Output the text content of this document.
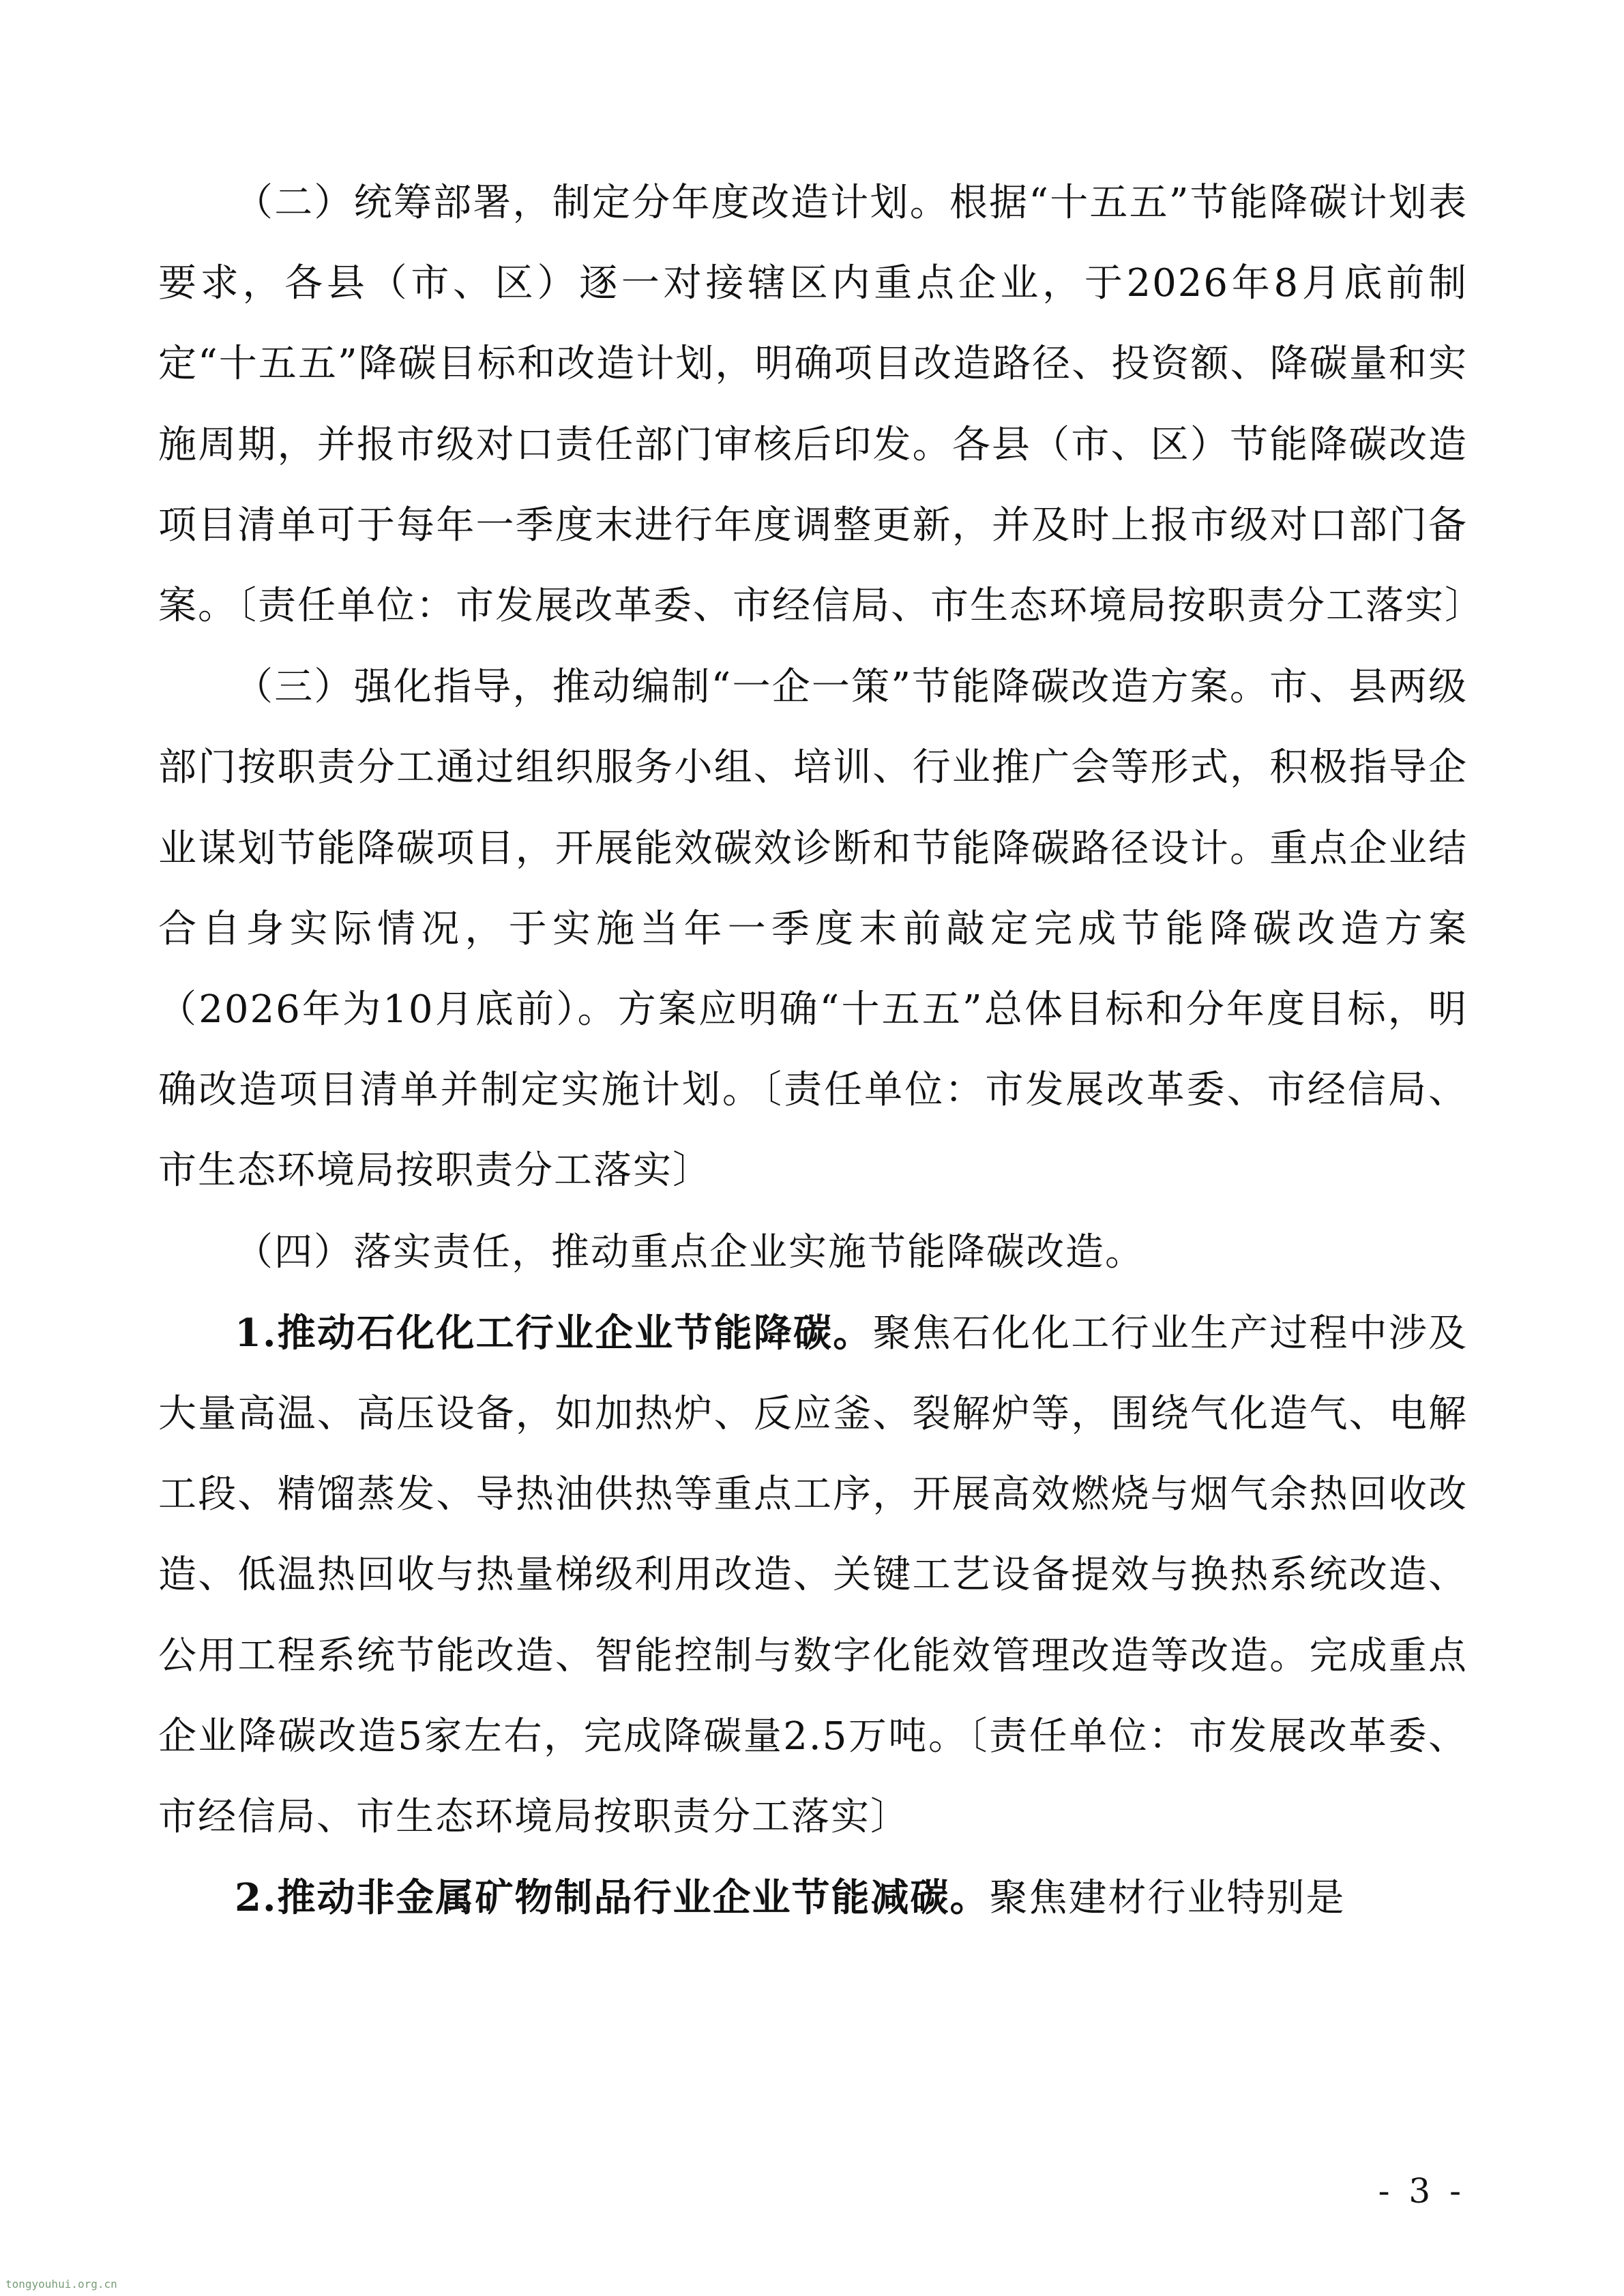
（二）统筹部署，制定分年度改造计划。根据“十五五”节能降碳计划表要求，各县（市、区）逐一对接辖区内重点企业，于2026年8月底前制定“十五五”降碳目标和改造计划，明确项目改造路径、投资额、降碳量和实施周期，并报市级对口责任部门审核后印发。各县（市、区）节能降碳改造项目清单可于每年一季度末进行年度调整更新，并及时上报市级对口部门备案。〔责任单位：市发展改革委、市经信局、市生态环境局按职责分工落实〕

（三）强化指导，推动编制“一企一策”节能降碳改造方案。市、县两级部门按职责分工通过组织服务小组、培训、行业推广会等形式，积极指导企业谋划节能降碳项目，开展能效碳效诊断和节能降碳路径设计。重点企业结合自身实际情况，于实施当年一季度末前敲定完成节能降碳改造方案（2026年为10月底前）。方案应明确“十五五”总体目标和分年度目标，明确改造项目清单并制定实施计划。〔责任单位：市发展改革委、市经信局、市生态环境局按职责分工落实〕

（四）落实责任，推动重点企业实施节能降碳改造。

1.推动石化化工行业企业节能降碳。聚焦石化化工行业生产过程中涉及大量高温、高压设备，如加热炉、反应釜、裂解炉等，围绕气化造气、电解工段、精馏蒸发、导热油供热等重点工序，开展高效燃烧与烟气余热回收改造、低温热回收与热量梯级利用改造、关键工艺设备提效与换热系统改造、公用工程系统节能改造、智能控制与数字化能效管理改造等改造。完成重点企业降碳改造5家左右，完成降碳量2.5万吨。〔责任单位：市发展改革委、市经信局、市生态环境局按职责分工落实〕

2.推动非金属矿物制品行业企业节能减碳。聚焦建材行业特别是

- 3 -
tongyouhui.org.cn
